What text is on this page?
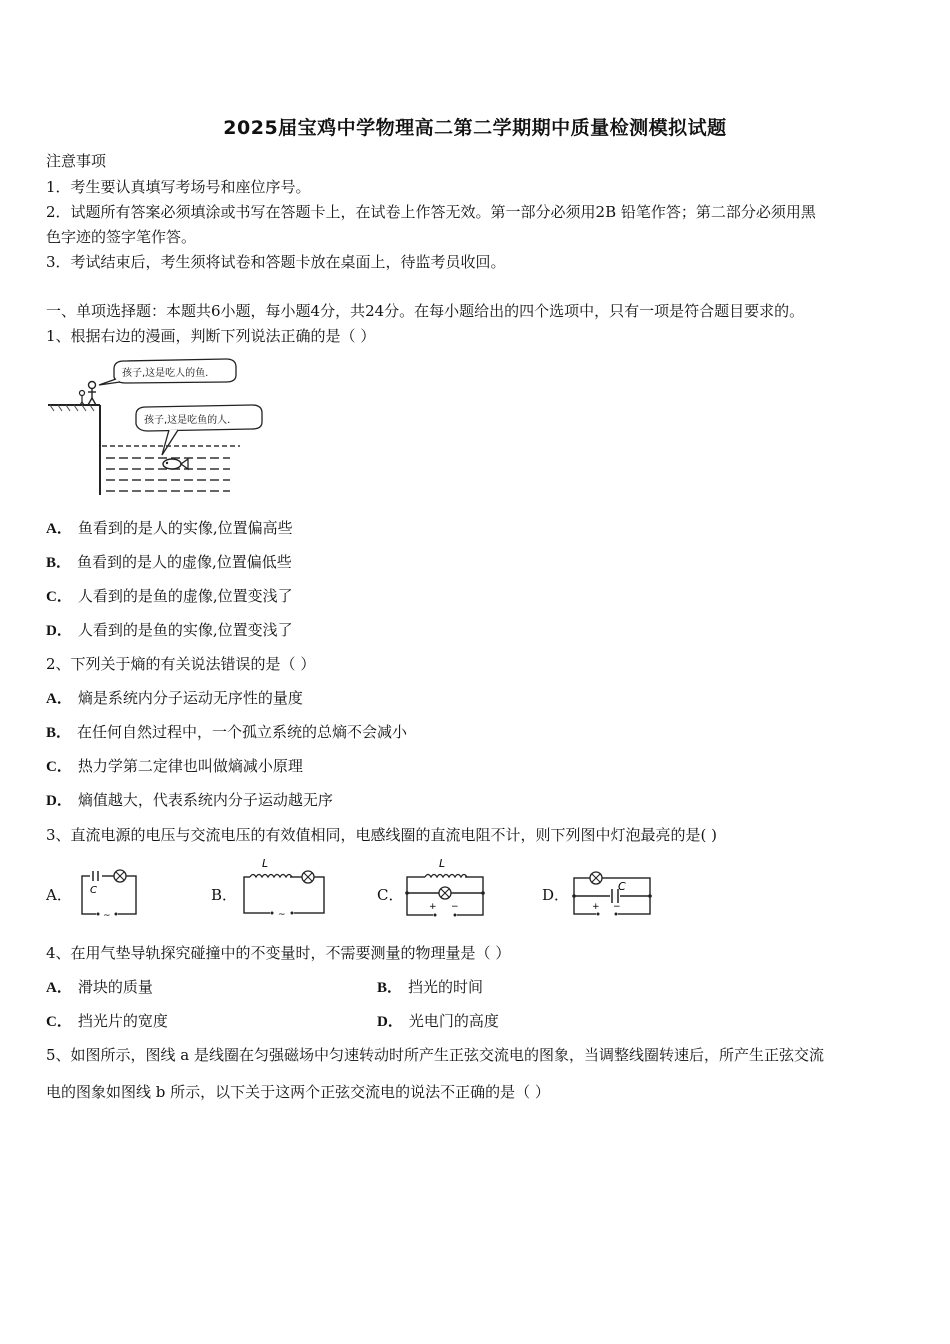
2025届宝鸡中学物理高二第二学期期中质量检测模拟试题
注意事项
1．考生要认真填写考场号和座位序号。
2．试题所有答案必须填涂或书写在答题卡上，在试卷上作答无效。第一部分必须用2B 铅笔作答；第二部分必须用黑
色字迹的签字笔作答。
3．考试结束后，考生须将试卷和答题卡放在桌面上，待监考员收回。
一、单项选择题：本题共6小题，每小题4分，共24分。在每小题给出的四个选项中，只有一项是符合题目要求的。
1、根据右边的漫画，判断下列说法正确的是（ ）
孩子,这是吃人的鱼.
孩子,这是吃鱼的人.
A． 鱼看到的是人的实像,位置偏高些
B． 鱼看到的是人的虚像,位置偏低些
C． 人看到的是鱼的虚像,位置变浅了
D． 人看到的是鱼的实像,位置变浅了
2、下列关于熵的有关说法错误的是（ ）
A． 熵是系统内分子运动无序性的量度
B． 在任何自然过程中，一个孤立系统的总熵不会减小
C． 热力学第二定律也叫做熵减小原理
D． 熵值越大，代表系统内分子运动越无序
3、直流电源的电压与交流电压的有效值相同，电感线圈的直流电阻不计，则下列图中灯泡最亮的是( )
A． C
~
B．
L
~
C．
L
+ −
D．	C
+ −
4、在用气垫导轨探究碰撞中的不变量时，不需要测量的物理量是（ ）
A． 滑块的质量	B． 挡光的时间
C． 挡光片的宽度	D． 光电门的高度
5、如图所示，图线 a 是线圈在匀强磁场中匀速转动时所产生正弦交流电的图象，当调整线圈转速后，所产生正弦交流
电的图象如图线 b 所示，以下关于这两个正弦交流电的说法不正确的是（ ）
